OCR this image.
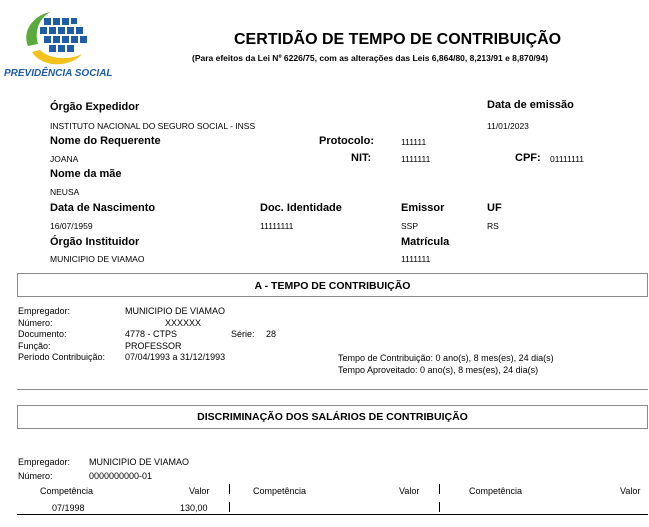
PREVIDÊNCIA SOCIAL
CERTIDÃO DE TEMPO DE CONTRIBUIÇÃO
(Para efeitos da Lei Nº 6226/75, com as alterações das Leis 6,864/80, 8,213/91 e 8,870/94)
Órgão Expedidor
INSTITUTO NACIONAL DO SEGURO SOCIAL - INSS
Data de emissão
11/01/2023
Nome do Requerente	Protocolo:	111111
JOANA	NIT:	1111111	CPF: 01111111
Nome da mãe
NEUSA
Data de Nascimento	Doc. Identidade	Emissor	UF
16/07/1959	11111111	SSP	RS
Órgão Instituidor	Matrícula
MUNICIPIO DE VIAMAO	1111111
A - TEMPO DE CONTRIBUIÇÃO
Empregador:	MUNICIPIO DE VIAMAO
Número:	XXXXXX
Documento:	4778 - CTPS	Série: 28
Função:	PROFESSOR
Período Contribuição: 07/04/1993 a 31/12/1993	Tempo de Contribuição: 0 ano(s), 8 mes(es), 24 dia(s)
Tempo Aproveitado: 0 ano(s), 8 mes(es), 24 dia(s)
DISCRIMINAÇÃO DOS SALÁRIOS DE CONTRIBUIÇÃO
Empregador: MUNICIPIO DE VIAMAO
Número:	0000000000-01
Competência	Valor	Competência	Valor	Competência	Valor
07/1998	130,00
